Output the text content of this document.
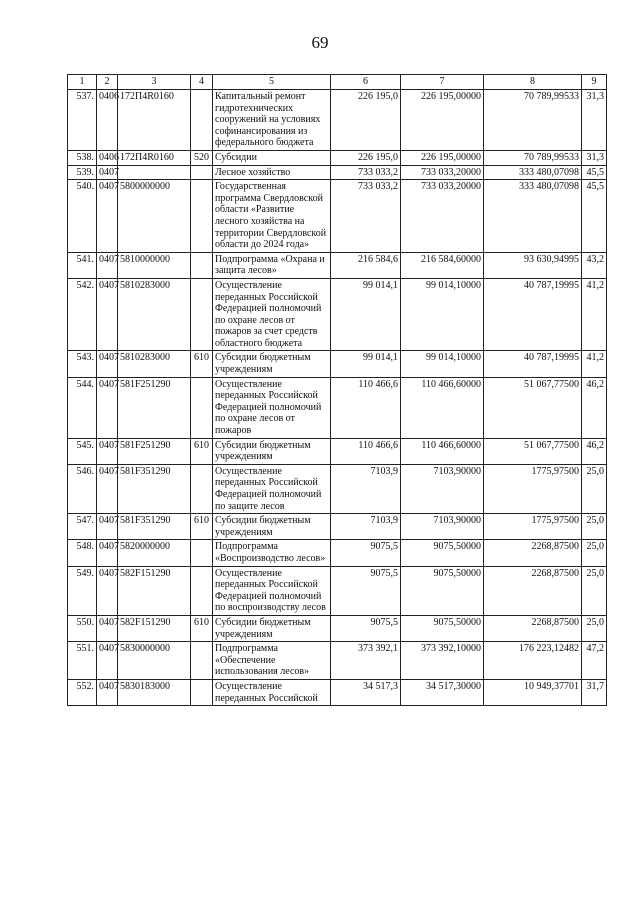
69
1	2	3	4	5	6	7	8	9
537.	0406	172П4R0160		Капитальный ремонт гидротехнических сооружений на условиях софинансирования из федерального бюджета	226 195,0	226 195,00000	70 789,99533	31,3
538.	0406	172П4R0160	520	Субсидии	226 195,0	226 195,00000	70 789,99533	31,3
539.	0407			Лесное хозяйство	733 033,2	733 033,20000	333 480,07098	45,5
540.	0407	5800000000		Государственная программа Свердловской области «Развитие лесного хозяйства на территории Свердловской области до 2024 года»	733 033,2	733 033,20000	333 480,07098	45,5
541.	0407	5810000000		Подпрограмма «Охрана и защита лесов»	216 584,6	216 584,60000	93 630,94995	43,2
542.	0407	5810283000		Осуществление переданных Российской Федерацией полномочий по охране лесов от пожаров за счет средств областного бюджета	99 014,1	99 014,10000	40 787,19995	41,2
543.	0407	5810283000	610	Субсидии бюджетным учреждениям	99 014,1	99 014,10000	40 787,19995	41,2
544.	0407	581F251290		Осуществление переданных Российской Федерацией полномочий по охране лесов от пожаров	110 466,6	110 466,60000	51 067,77500	46,2
545.	0407	581F251290	610	Субсидии бюджетным учреждениям	110 466,6	110 466,60000	51 067,77500	46,2
546.	0407	581F351290		Осуществление переданных Российской Федерацией полномочий по защите лесов	7103,9	7103,90000	1775,97500	25,0
547.	0407	581F351290	610	Субсидии бюджетным учреждениям	7103,9	7103,90000	1775,97500	25,0
548.	0407	5820000000		Подпрограмма «Воспроизводство лесов»	9075,5	9075,50000	2268,87500	25,0
549.	0407	582F151290		Осуществление переданных Российской Федерацией полномочий по воспроизводству лесов	9075,5	9075,50000	2268,87500	25,0
550.	0407	582F151290	610	Субсидии бюджетным учреждениям	9075,5	9075,50000	2268,87500	25,0
551.	0407	5830000000		Подпрограмма «Обеспечение использования лесов»	373 392,1	373 392,10000	176 223,12482	47,2
552.	0407	5830183000		Осуществление переданных Российской	34 517,3	34 517,30000	10 949,37701	31,7
